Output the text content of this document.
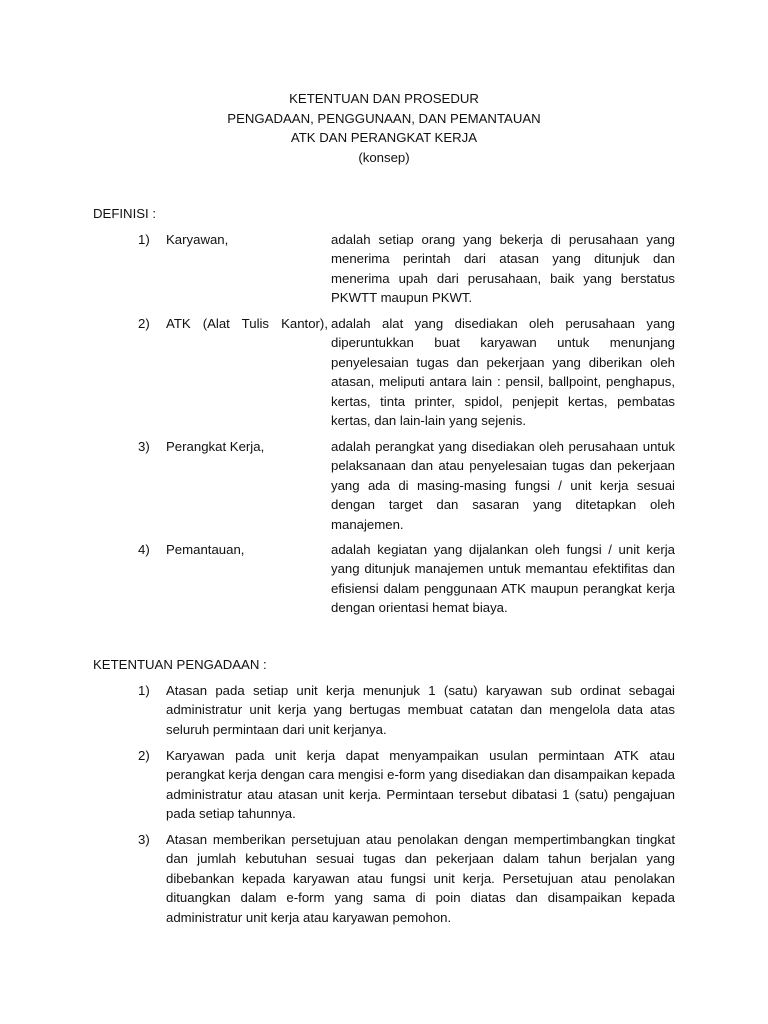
KETENTUAN DAN PROSEDUR
PENGADAAN, PENGGUNAAN, DAN PEMANTAUAN
ATK DAN PERANGKAT KERJA
(konsep)
DEFINISI :
1) Karyawan,	adalah setiap orang yang bekerja di perusahaan yang menerima perintah dari atasan yang ditunjuk dan menerima upah dari perusahaan, baik yang berstatus PKWTT maupun PKWT.
2) ATK (Alat Tulis Kantor), adalah alat yang disediakan oleh perusahaan yang diperuntukkan buat karyawan untuk menunjang penyelesaian tugas dan pekerjaan yang diberikan oleh atasan, meliputi antara lain : pensil, ballpoint, penghapus, kertas, tinta printer, spidol, penjepit kertas, pembatas kertas, dan lain-lain yang sejenis.
3) Perangkat Kerja,	adalah perangkat yang disediakan oleh perusahaan untuk pelaksanaan dan atau penyelesaian tugas dan pekerjaan yang ada di masing-masing fungsi / unit kerja sesuai dengan target dan sasaran yang ditetapkan oleh manajemen.
4) Pemantauan,	adalah kegiatan yang dijalankan oleh fungsi / unit kerja yang ditunjuk manajemen untuk memantau efektifitas dan efisiensi dalam penggunaan ATK maupun perangkat kerja dengan orientasi hemat biaya.
KETENTUAN PENGADAAN :
1) Atasan pada setiap unit kerja menunjuk 1 (satu) karyawan sub ordinat sebagai administratur unit kerja yang bertugas membuat catatan dan mengelola data atas seluruh permintaan dari unit kerjanya.
2) Karyawan pada unit kerja dapat menyampaikan usulan permintaan ATK atau perangkat kerja dengan cara mengisi e-form yang disediakan dan disampaikan kepada administratur atau atasan unit kerja. Permintaan tersebut dibatasi 1 (satu) pengajuan pada setiap tahunnya.
3) Atasan memberikan persetujuan atau penolakan dengan mempertimbangkan tingkat dan jumlah kebutuhan sesuai tugas dan pekerjaan dalam tahun berjalan yang dibebankan kepada karyawan atau fungsi unit kerja. Persetujuan atau penolakan dituangkan dalam e-form yang sama di poin diatas dan disampaikan kepada administratur unit kerja atau karyawan pemohon.
